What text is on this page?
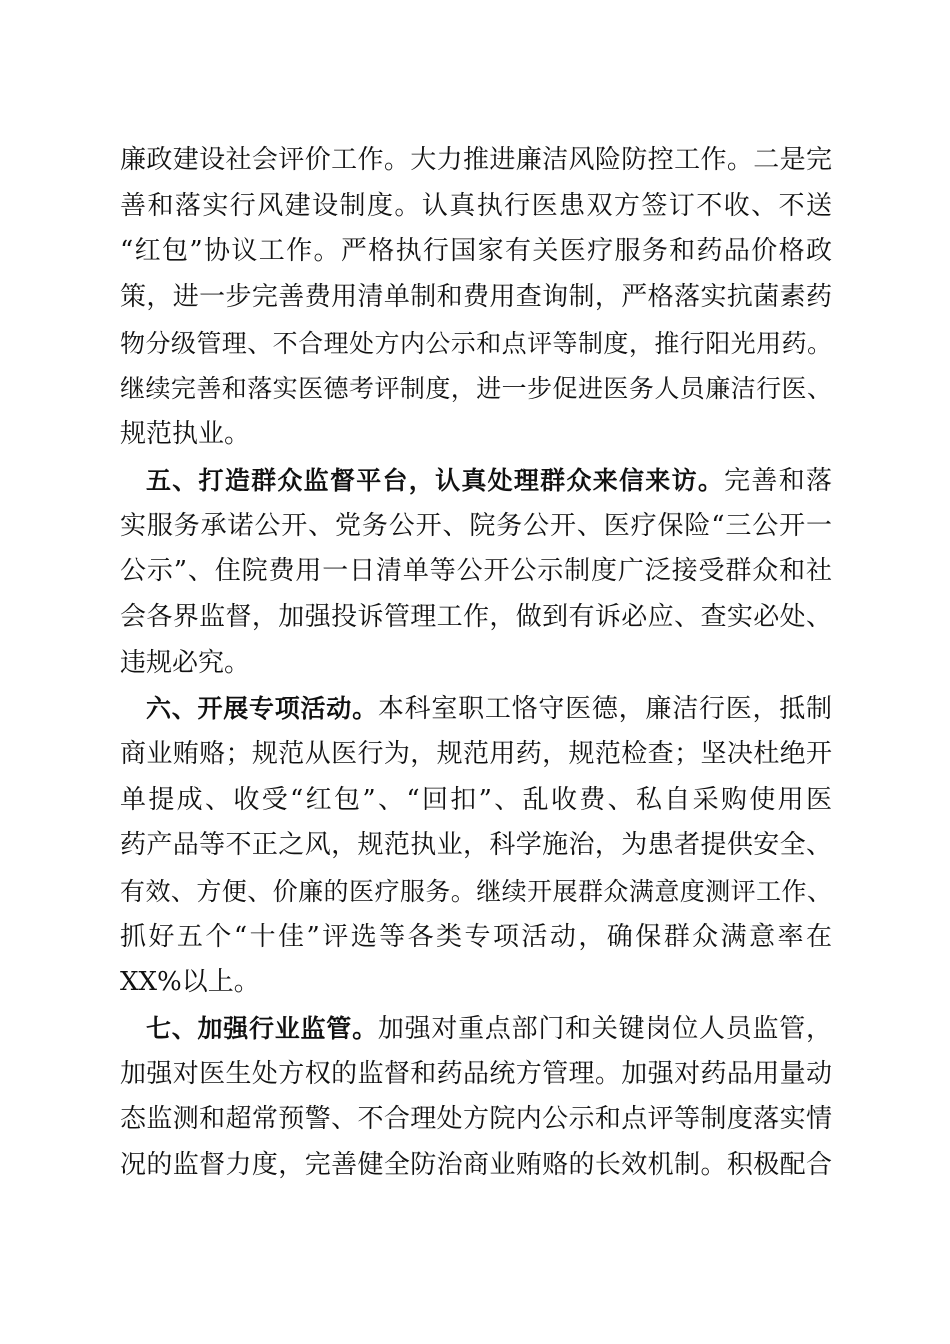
廉政建设社会评价工作。大力推进廉洁风险防控工作。二是完
善和落实行风建设制度。认真执行医患双方签订不收、不送
“红包”协议工作。严格执行国家有关医疗服务和药品价格政
策，进一步完善费用清单制和费用查询制，严格落实抗菌素药
物分级管理、不合理处方内公示和点评等制度，推行阳光用药。
继续完善和落实医德考评制度，进一步促进医务人员廉洁行医、
规范执业。
五、打造群众监督平台，认真处理群众来信来访。完善和落
实服务承诺公开、党务公开、院务公开、医疗保险“三公开一
公示”、住院费用一日清单等公开公示制度广泛接受群众和社
会各界监督，加强投诉管理工作，做到有诉必应、查实必处、
违规必究。
六、开展专项活动。本科室职工恪守医德，廉洁行医，抵制
商业贿赂；规范从医行为，规范用药，规范检查；坚决杜绝开
单提成、收受“红包”、“回扣”、乱收费、私自采购使用医
药产品等不正之风，规范执业，科学施治，为患者提供安全、
有效、方便、价廉的医疗服务。继续开展群众满意度测评工作、
抓好五个“十佳”评选等各类专项活动，确保群众满意率在
XX%以上。
七、加强行业监管。加强对重点部门和关键岗位人员监管，
加强对医生处方权的监督和药品统方管理。加强对药品用量动
态监测和超常预警、不合理处方院内公示和点评等制度落实情
况的监督力度，完善健全防治商业贿赂的长效机制。积极配合
